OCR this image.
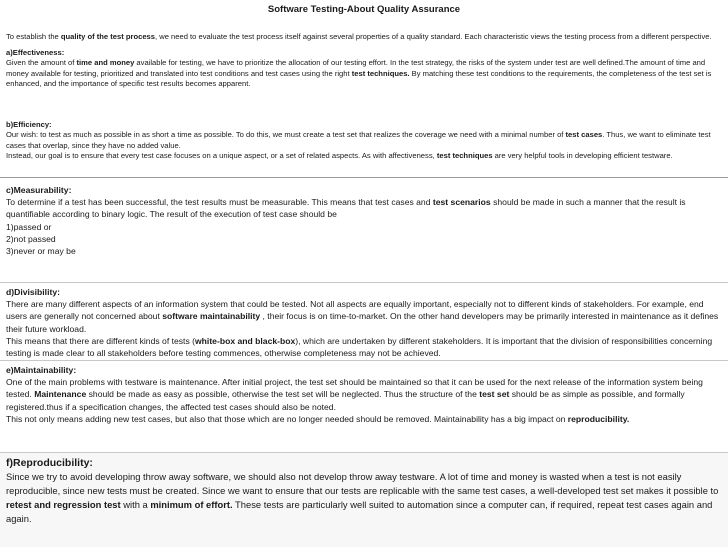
Software Testing-About Quality Assurance

To establish the quality of the test process, we need to evaluate the test process itself against several properties of a quality standard. Each characteristic views the testing process from a different perspective.

a)Effectiveness:

Given the amount of time and money available for testing, we have to prioritize the allocation of our testing effort. In the test strategy, the risks of the system under test are well defined.The amount of time and money available for testing, prioritized and translated into test conditions and test cases using the right test techniques. By matching these test conditions to the requirements, the completeness of the test set is enhanced, and the importance of specific test results becomes apparent.

b)Efficiency:

Our wish: to test as much as possible in as short a time as possible. To do this, we must create a test set that realizes the coverage we need with a minimal number of test cases. Thus, we want to eliminate test cases that overlap, since they have no added value.

Instead, our goal is to ensure that every test case focuses on a unique aspect, or a set of related aspects. As with affectiveness, test techniques are very helpful tools in developing efficient testware.

c)Measurability:

To determine if a test has been successful, the test results must be measurable. This means that test cases and test scenarios should be made in such a manner that the result is quantifiable according to binary logic. The result of the execution of test case should be

1)passed or

2)not passed

3)never or may be

d)Divisibility:

There are many different aspects of an information system that could be tested. Not all aspects are equally important, especially not to different kinds of stakeholders. For example, end users are generally not concerned about software maintainability , their focus is on time-to-market. On the other hand developers may be primarily interested in maintenance as it defines their future workload.

This means that there are different kinds of tests (white-box and black-box), which are undertaken by different stakeholders. It is important that the division of responsibilities concerning testing is made clear to all stakeholders before testing commences, otherwise completeness may not be achieved.

e)Maintainability:

One of the main problems with testware is maintenance. After initial project, the test set should be maintained so that it can be used for the next release of the information system being tested. Maintenance should be made as easy as possible, otherwise the test set will be neglected. Thus the structure of the test set should be as simple as possible, and formally registered.thus if a specification changes, the affected test cases should also be noted.

This not only means adding new test cases, but also that those which are no longer needed should be removed. Maintainability has a big impact on reproducibility.

f)Reproducibility:

Since we try to avoid developing throw away software, we should also not develop throw away testware. A lot of time and money is wasted when a test is not easily reproducible, since new tests must be created. Since we want to ensure that our tests are replicable with the same test cases, a well-developed test set makes it possible to retest and regression test with a minimum of effort. These tests are particularly well suited to automation since a computer can, if required, repeat test cases again and again.
